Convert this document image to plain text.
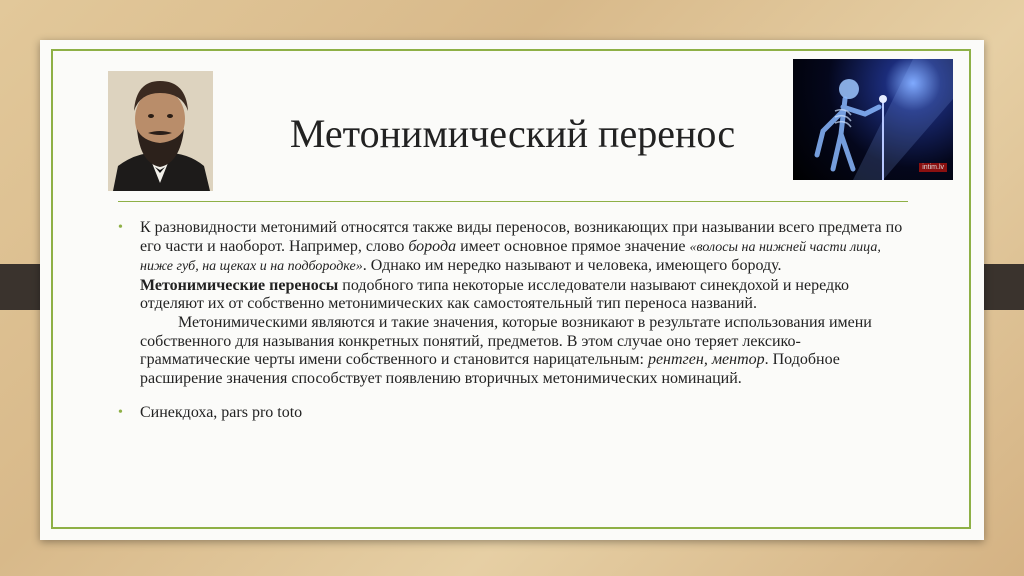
intim.lv
Метонимический перенос
• К разновидности метонимий относятся также виды переносов, возникающих при назывании всего предмета по его части и наоборот. Например, слово борода имеет основное прямое значение «волосы на нижней части лица, ниже губ, на щеках и на подбородке». Однако им нередко называют и человека, имеющего бороду. Метонимические переносы подобного типа некоторые исследователи называют синекдохой и нередко отделяют их от собственно метонимических как самостоятельный тип переноса названий.
Метонимическими являются и такие значения, которые возникают в результате использования имени собственного для называния конкретных понятий, предметов. В этом случае оно теряет лексико-грамматические черты имени собственного и становится нарицательным: рентген, ментор. Подобное расширение значения способствует появлению вторичных метонимических номинаций.
• Синекдоха, pars pro toto
